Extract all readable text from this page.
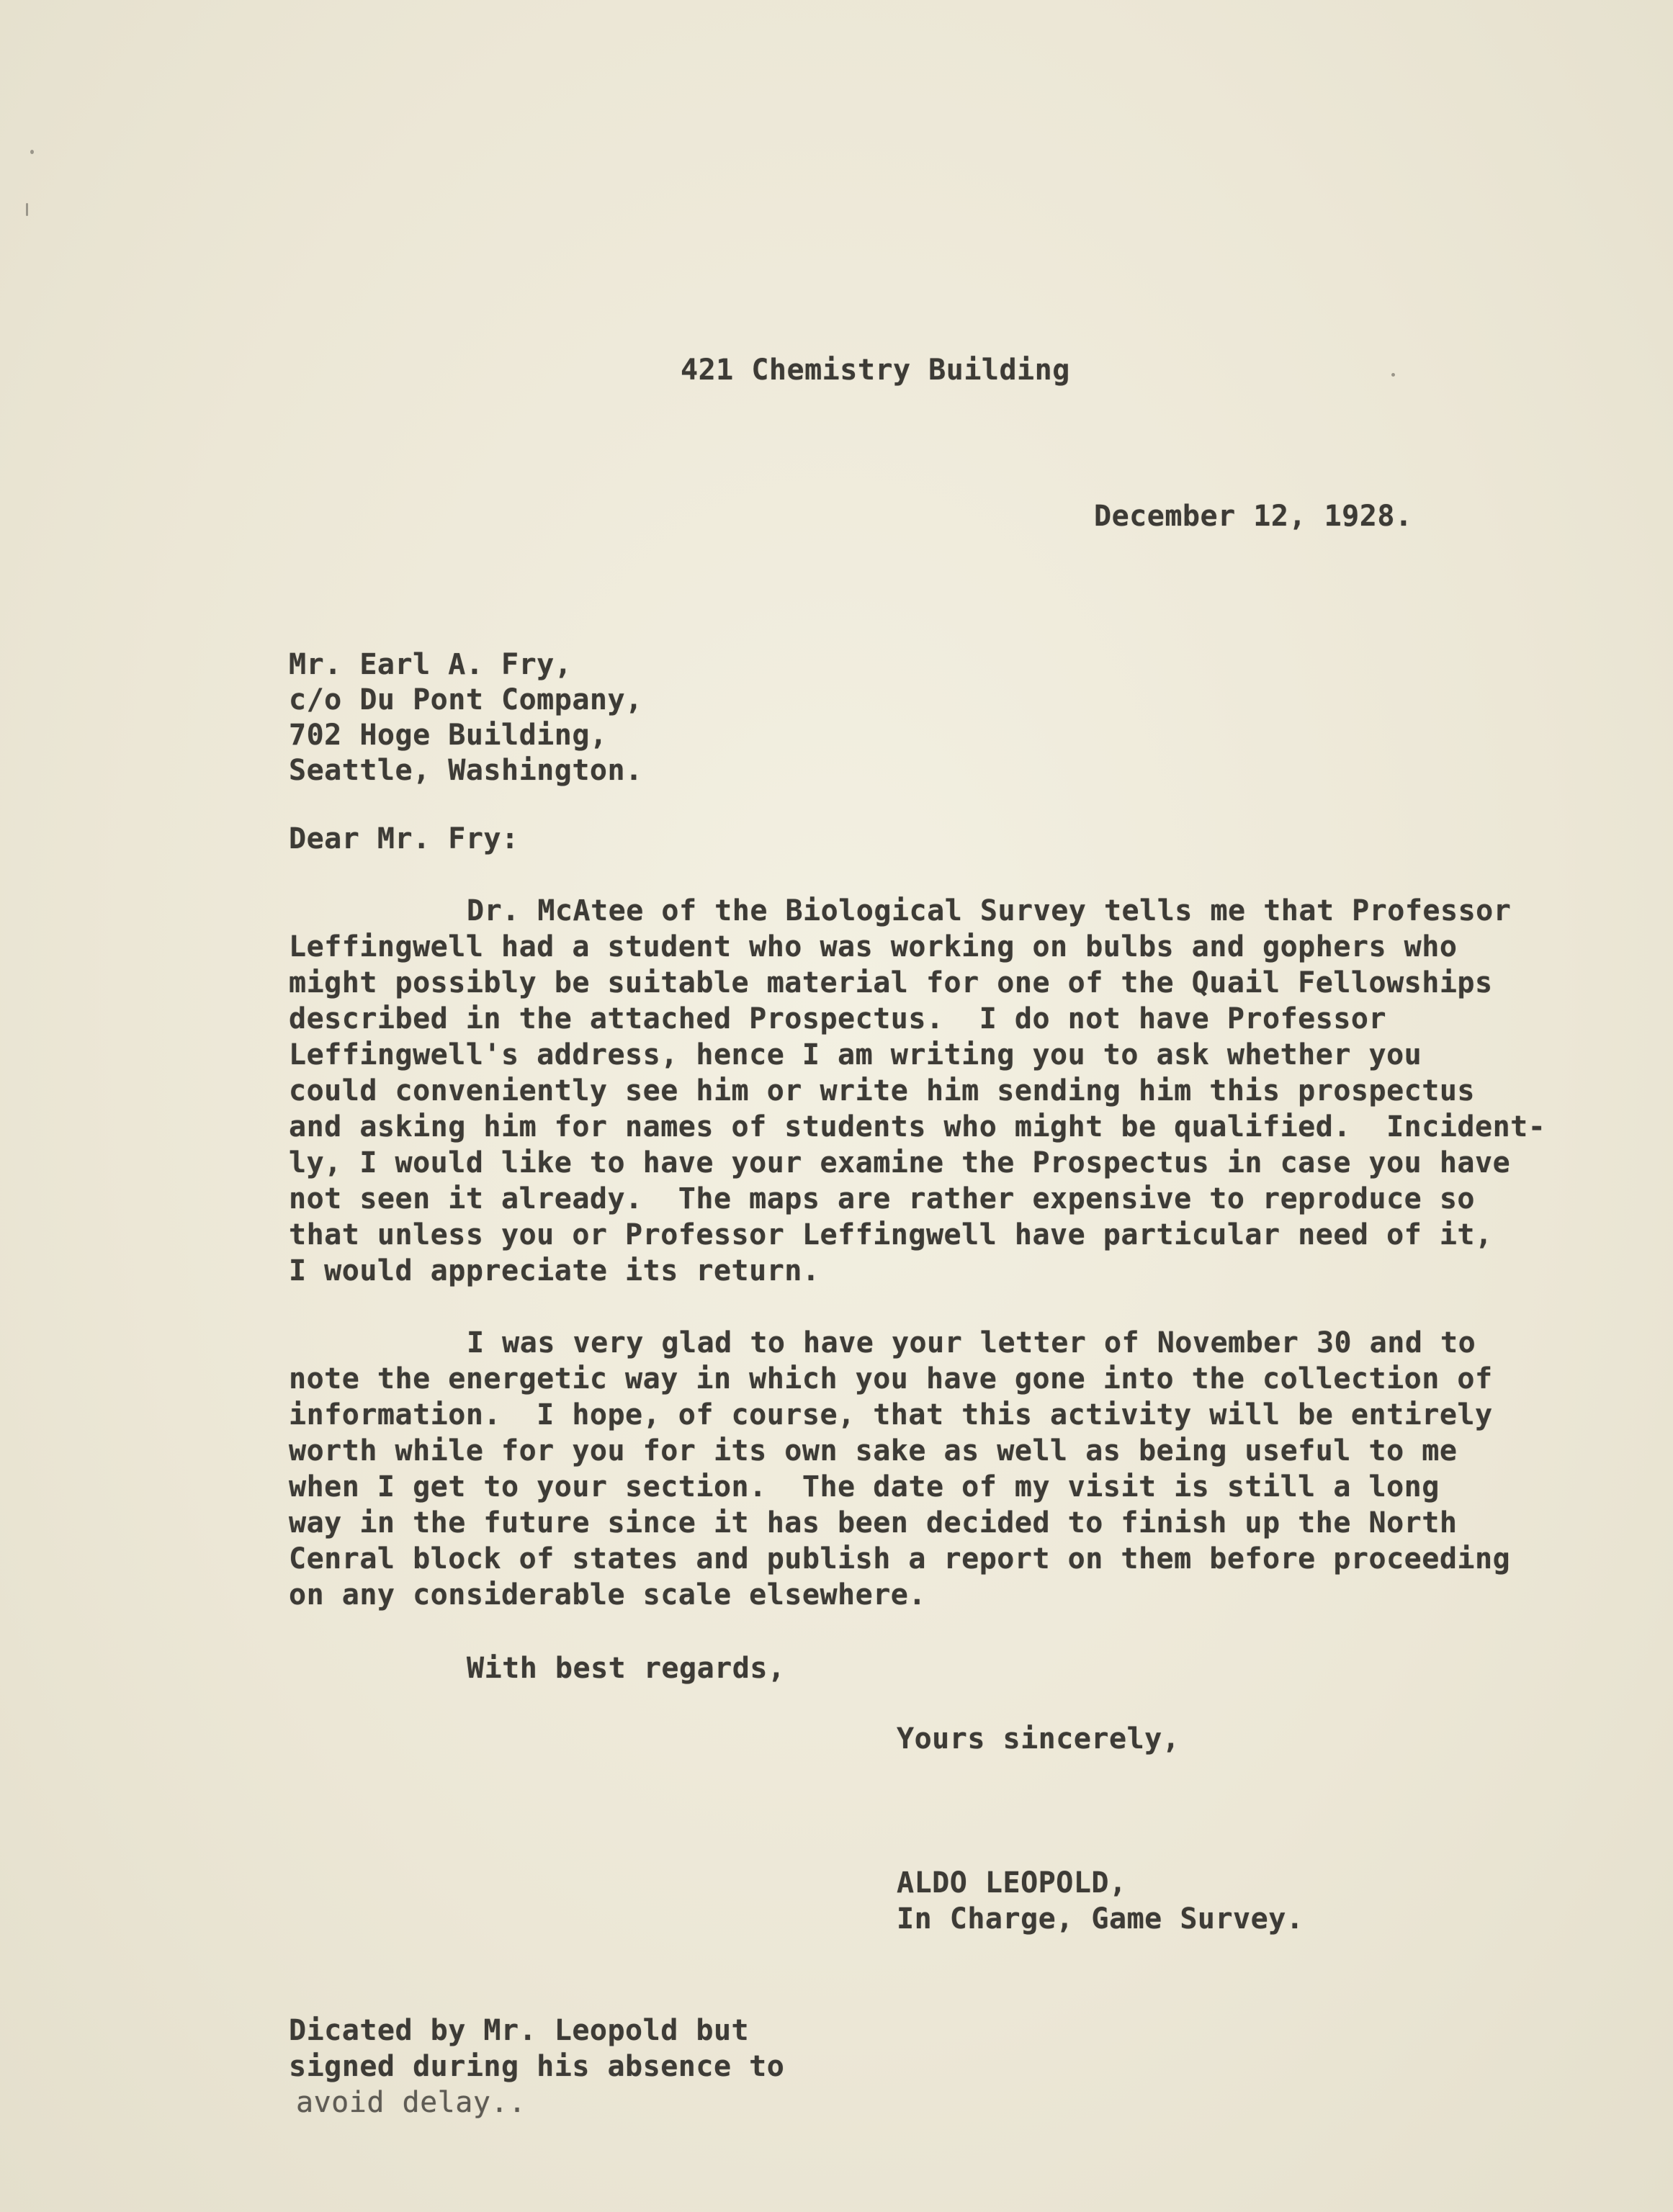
421 Chemistry Building
December 12, 1928.
Mr. Earl A. Fry,
c/o Du Pont Company,
702 Hoge Building,
Seattle, Washington.
Dear Mr. Fry:
Dr. McAtee of the Biological Survey tells me that Professor
Leffingwell had a student who was working on bulbs and gophers who
might possibly be suitable material for one of the Quail Fellowships
described in the attached Prospectus.  I do not have Professor
Leffingwell's address, hence I am writing you to ask whether you
could conveniently see him or write him sending him this prospectus
and asking him for names of students who might be qualified.  Incident-
ly, I would like to have your examine the Prospectus in case you have
not seen it already.  The maps are rather expensive to reproduce so
that unless you or Professor Leffingwell have particular need of it,
I would appreciate its return.
I was very glad to have your letter of November 30 and to
note the energetic way in which you have gone into the collection of
information.  I hope, of course, that this activity will be entirely
worth while for you for its own sake as well as being useful to me
when I get to your section.  The date of my visit is still a long
way in the future since it has been decided to finish up the North
Cenral block of states and publish a report on them before proceeding
on any considerable scale elsewhere.
With best regards,
Yours sincerely,
ALDO LEOPOLD,
In Charge, Game Survey.
Dicated by Mr. Leopold but
signed during his absence to
avoid delay..
